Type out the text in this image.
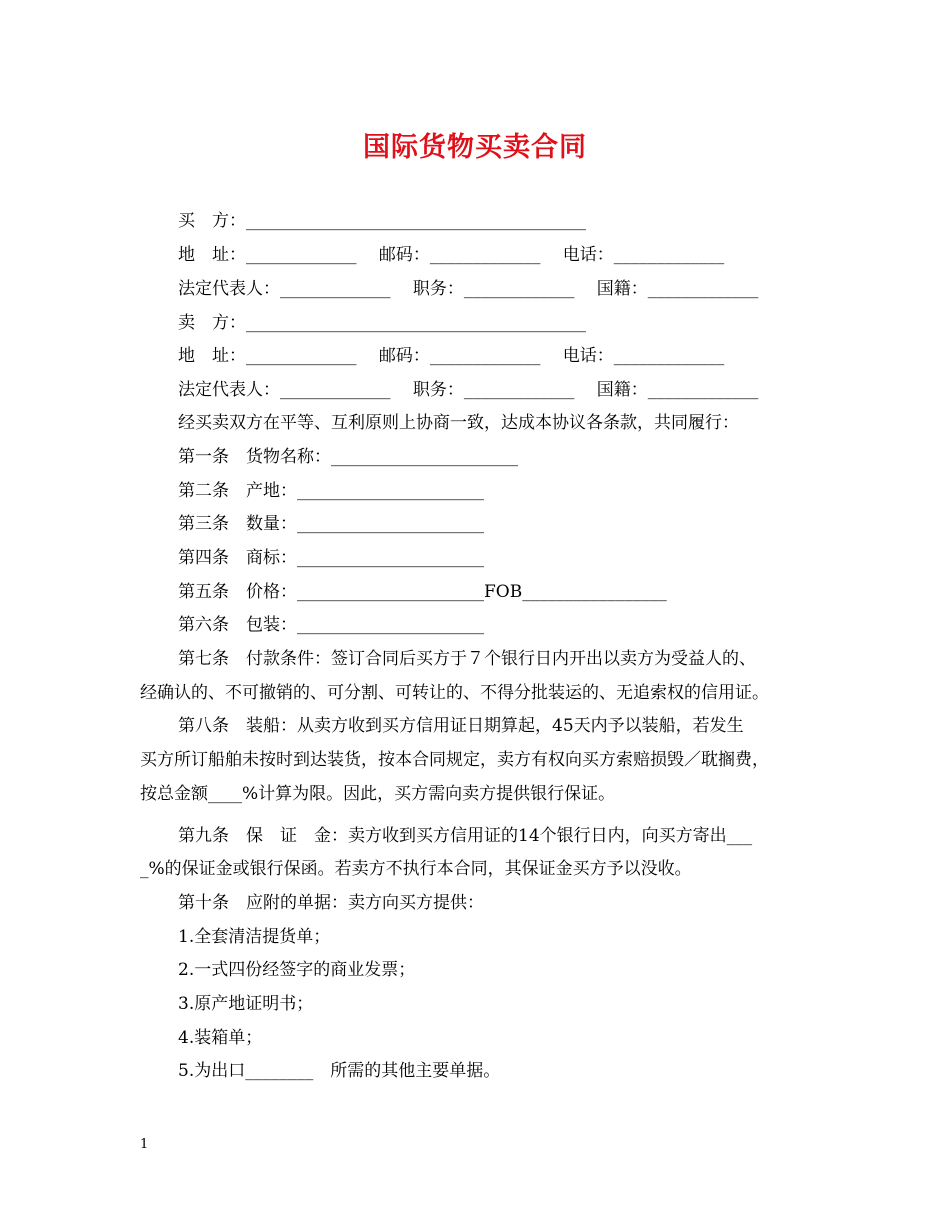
国际货物买卖合同
买　方：________________________________________
地　址：_____________　 邮码：_____________　 电话：_____________
法定代表人：_____________　 职务：_____________　 国籍：_____________
卖　方：________________________________________
地　址：_____________　 邮码：_____________　 电话：_____________
法定代表人：_____________　 职务：_____________　 国籍：_____________
经买卖双方在平等、互利原则上协商一致，达成本协议各条款，共同履行：
第一条　货物名称：______________________
第二条　产地：______________________
第三条　数量：______________________
第四条　商标：______________________
第五条　价格：______________________FOB_________________
第六条　包装：______________________
第七条　付款条件：签订合同后买方于７个银行日内开出以卖方为受益人的、
经确认的、不可撤销的、可分割、可转让的、不得分批装运的、无追索权的信用证。
第八条　装船：从卖方收到买方信用证日期算起，45天内予以装船，若发生
买方所订船舶未按时到达装货，按本合同规定，卖方有权向买方索赔损毁／耽搁费，
按总金额____%计算为限。因此，买方需向卖方提供银行保证。
第九条　保　证　金：卖方收到买方信用证的14个银行日内，向买方寄出___
_%的保证金或银行保函。若卖方不执行本合同，其保证金买方予以没收。
第十条　应附的单据：卖方向买方提供：
1.全套清洁提货单；
2.一式四份经签字的商业发票；
3.原产地证明书；
4.装箱单；
5.为出口________　所需的其他主要单据。
1
